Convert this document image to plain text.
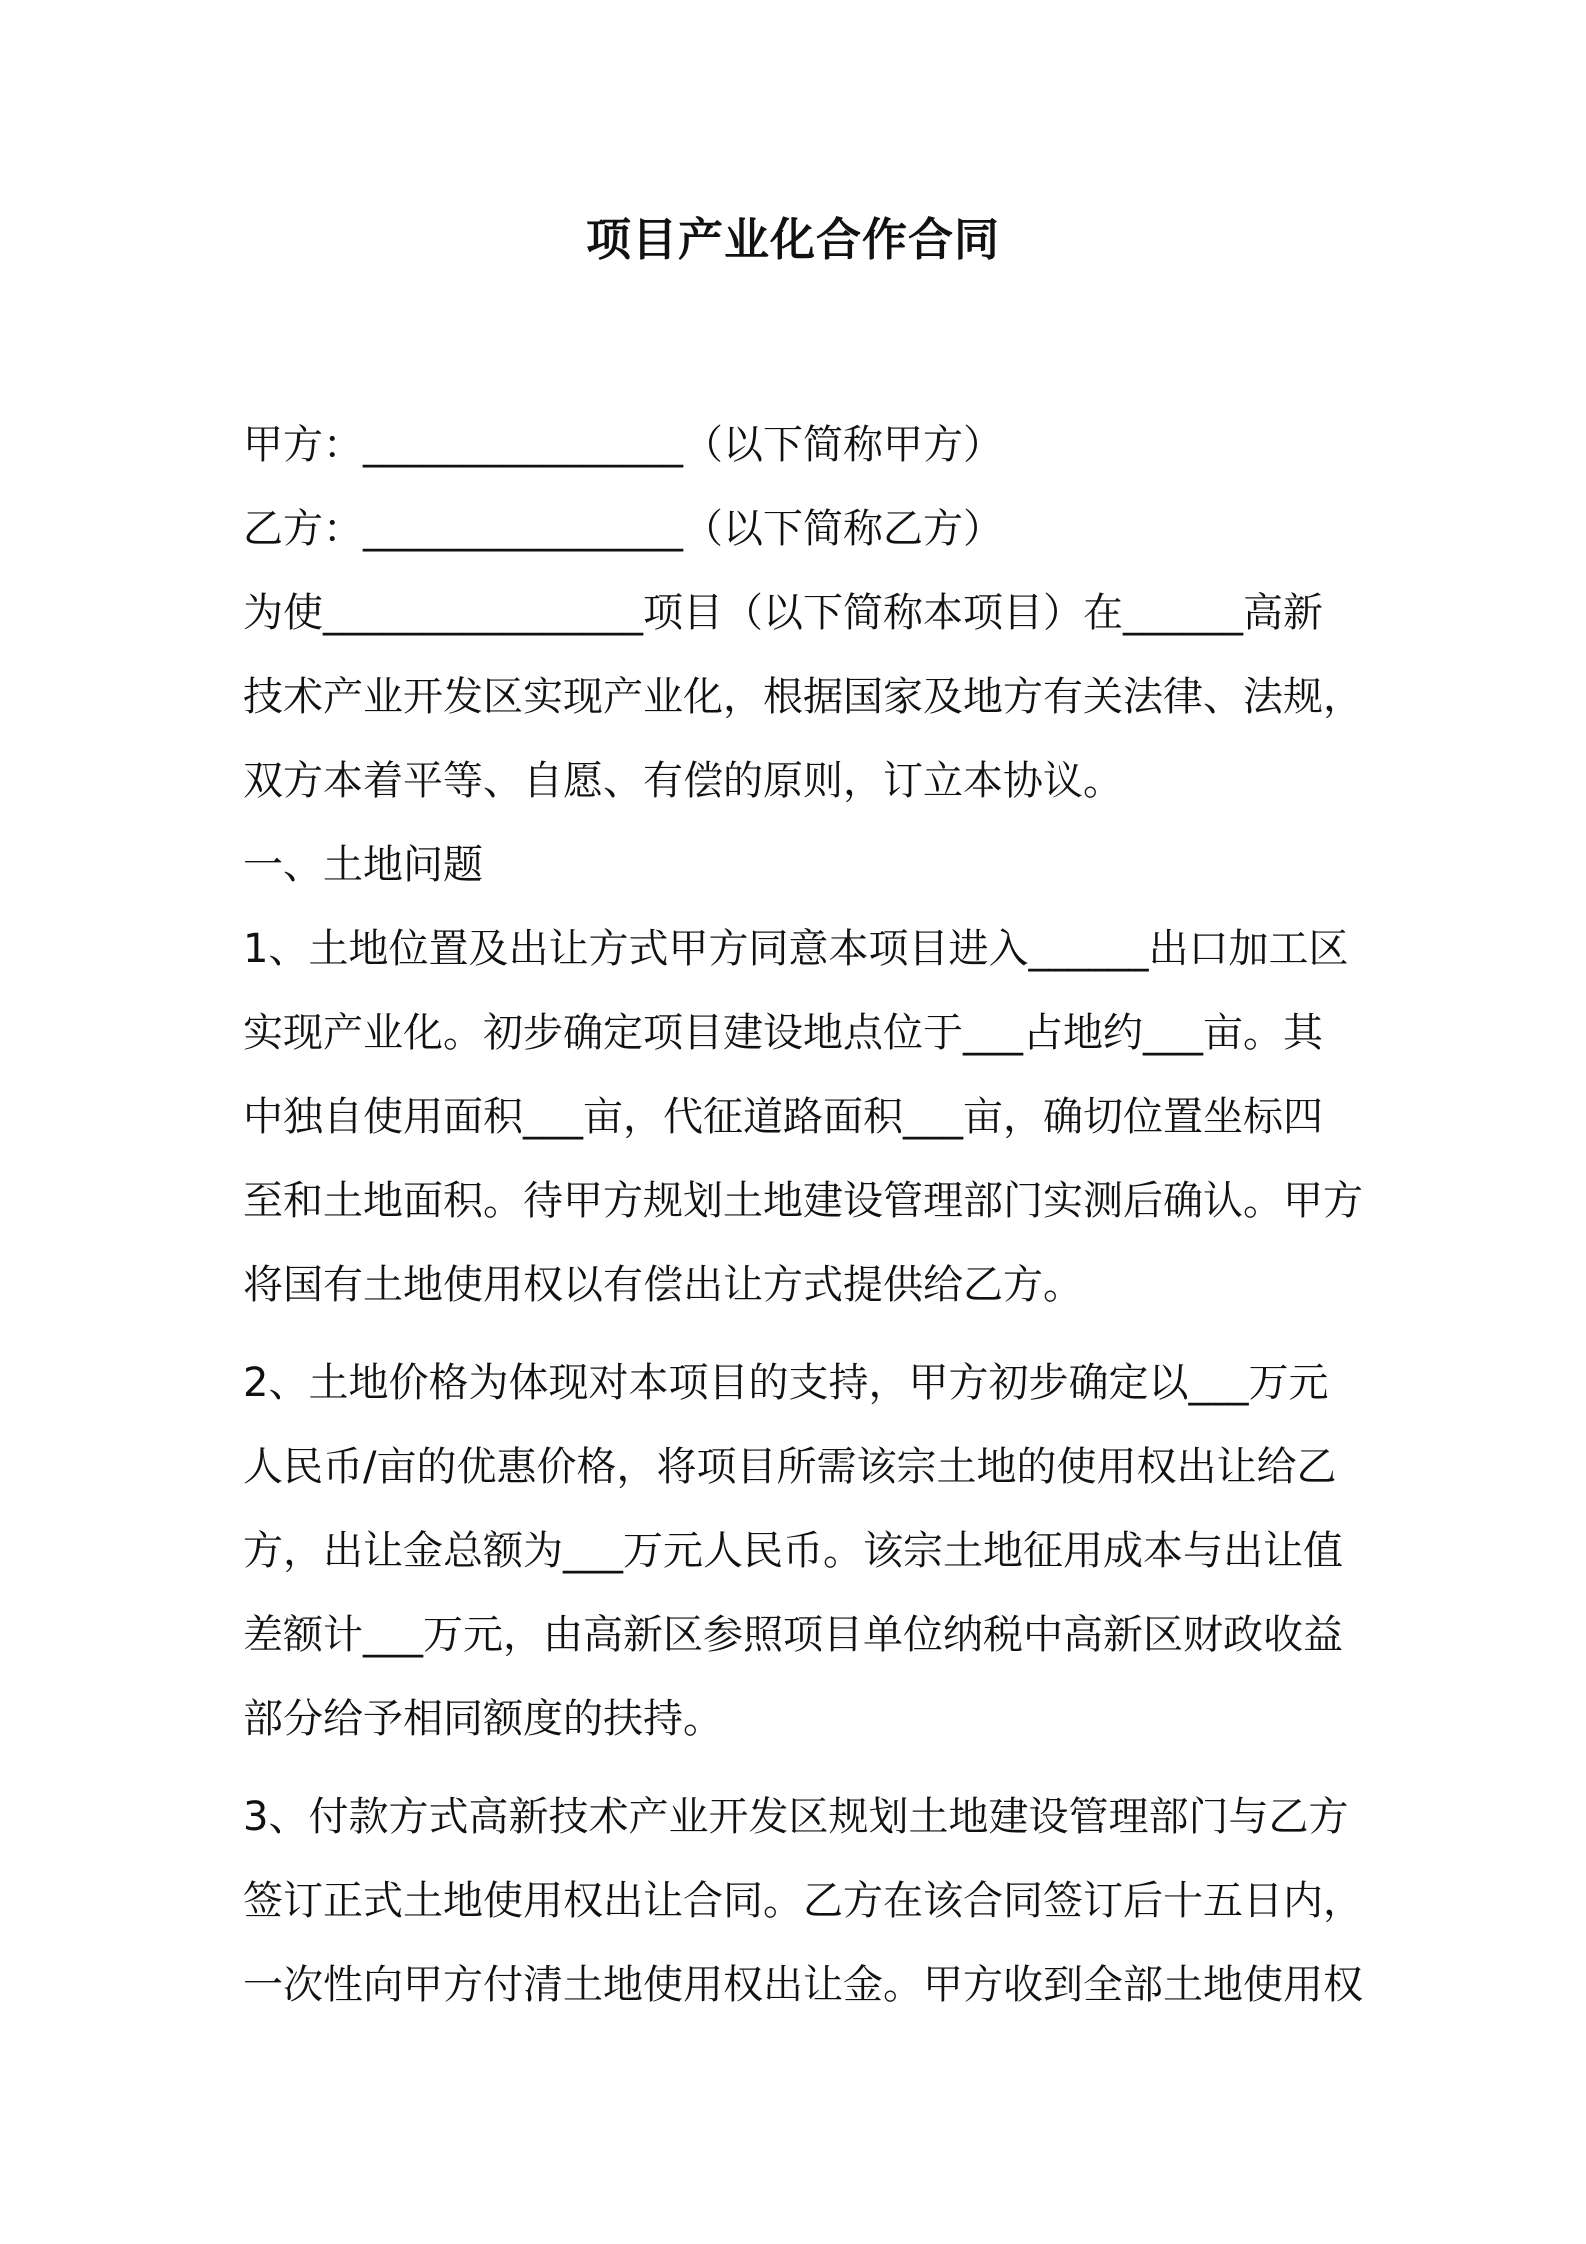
项目产业化合作合同

甲方：________________（以下简称甲方）

乙方：________________（以下简称乙方）

为使________________项目（以下简称本项目）在______高新
技术产业开发区实现产业化，根据国家及地方有关法律、法规，
双方本着平等、自愿、有偿的原则，订立本协议。

一、土地问题

1、土地位置及出让方式甲方同意本项目进入______出口加工区
实现产业化。初步确定项目建设地点位于___占地约___亩。其
中独自使用面积___亩，代征道路面积___亩，确切位置坐标四
至和土地面积。待甲方规划土地建设管理部门实测后确认。甲方
将国有土地使用权以有偿出让方式提供给乙方。

2、土地价格为体现对本项目的支持，甲方初步确定以___万元
人民币/亩的优惠价格，将项目所需该宗土地的使用权出让给乙
方，出让金总额为___万元人民币。该宗土地征用成本与出让值
差额计___万元，由高新区参照项目单位纳税中高新区财政收益
部分给予相同额度的扶持。

3、付款方式高新技术产业开发区规划土地建设管理部门与乙方
签订正式土地使用权出让合同。乙方在该合同签订后十五日内，
一次性向甲方付清土地使用权出让金。甲方收到全部土地使用权
